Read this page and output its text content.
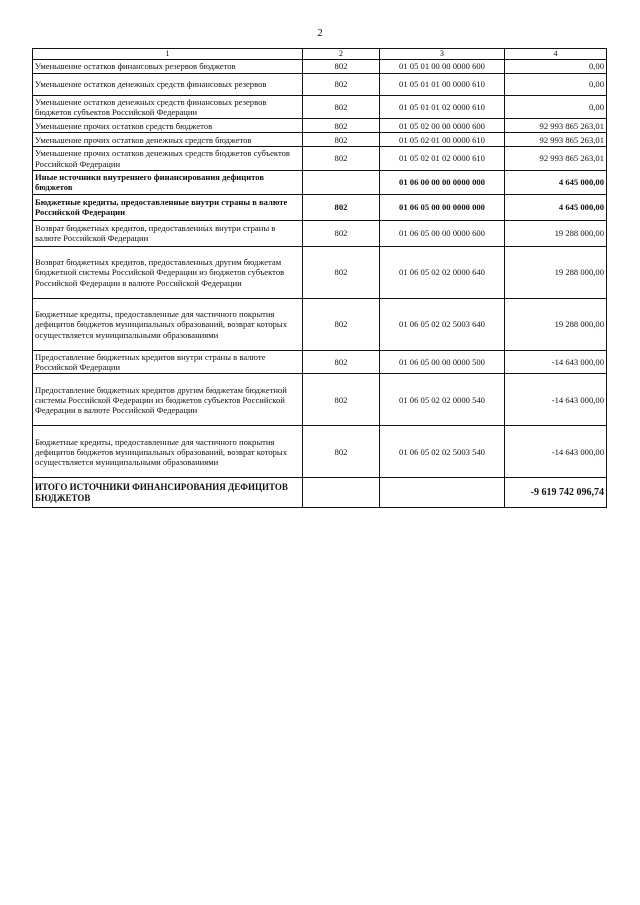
2
1	2	3	4
Уменьшение остатков финансовых резервов бюджетов	802	01 05 01 00 00 0000 600	0,00
Уменьшение остатков денежных средств финансовых резервов	802	01 05 01 01 00 0000 610	0,00
Уменьшение остатков денежных средств финансовых резервов бюджетов субъектов Российской Федерации	802	01 05 01 01 02 0000 610	0,00
Уменьшение прочих остатков средств бюджетов	802	01 05 02 00 00 0000 600	92 993 865 263,01
Уменьшение прочих остатков денежных средств бюджетов	802	01 05 02 01 00 0000 610	92 993 865 263,01
Уменьшение прочих остатков денежных средств бюджетов субъектов Российской Федерации	802	01 05 02 01 02 0000 610	92 993 865 263,01
Иные источники внутреннего финансирования дефицитов бюджетов		01 06 00 00 00 0000 000	4 645 000,00
Бюджетные кредиты, предоставленные внутри страны в валюте Российской Федерации	802	01 06 05 00 00 0000 000	4 645 000,00
Возврат бюджетных кредитов, предоставленных внутри страны в валюте Российской Федерации	802	01 06 05 00 00 0000 600	19 288 000,00
Возврат бюджетных кредитов, предоставленных другим бюджетам бюджетной системы Российской Федерации из бюджетов субъектов Российской Федерации в валюте Российской Федерации	802	01 06 05 02 02 0000 640	19 288 000,00
Бюджетные кредиты, предоставленные для частичного покрытия дефицитов бюджетов муниципальных образований, возврат которых осуществляется муниципальными образованиями	802	01 06 05 02 02 5003 640	19 288 000,00
Предоставление бюджетных кредитов внутри страны в валюте Российской Федерации	802	01 06 05 00 00 0000 500	-14 643 000,00
Предоставление бюджетных кредитов другим бюджетам бюджетной системы Российской Федерации из бюджетов субъектов Российской Федерации в валюте Российской Федерации	802	01 06 05 02 02 0000 540	-14 643 000,00
Бюджетные кредиты, предоставленные для частичного покрытия дефицитов бюджетов муниципальных образований, возврат которых осуществляется муниципальными образованиями	802	01 06 05 02 02 5003 540	-14 643 000,00
ИТОГО ИСТОЧНИКИ ФИНАНСИРОВАНИЯ ДЕФИЦИТОВ БЮДЖЕТОВ			-9 619 742 096,74
